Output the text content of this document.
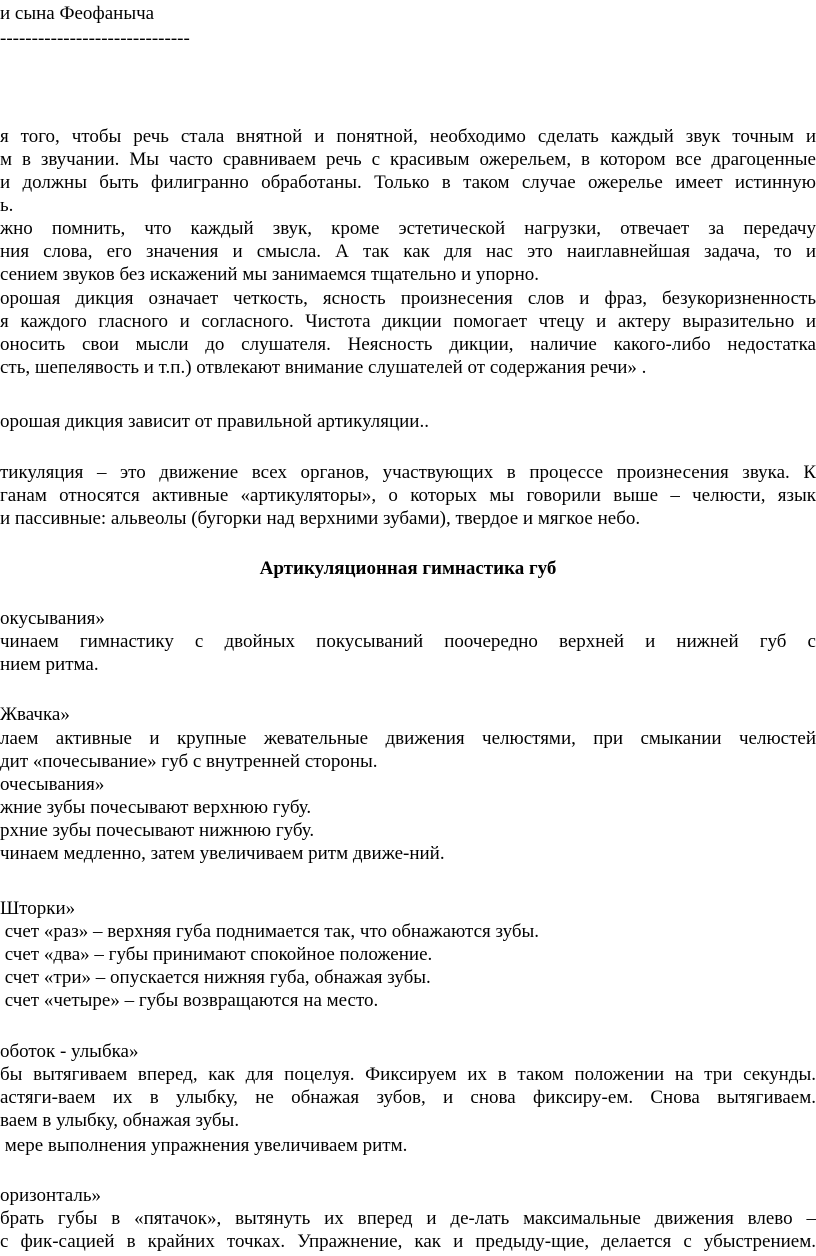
и сына Феофаныча
------------------------------
я того, чтобы речь стала внятной и понятной, необходимо сделать каждый звук точным и
м в звучании. Мы часто сравниваем речь с красивым ожерельем, в котором все драгоценные
и должны быть филигранно обработаны. Только в таком случае ожерелье имеет истинную
ь.
жно помнить, что каждый звук, кроме эстетической нагрузки, отвечает за передачу
ния слова, его значения и смысла. А так как для нас это наиглавнейшая задача, то и
сением звуков без искажений мы занимаемся тщательно и упорно.
орошая дикция означает четкость, ясность произнесения слов и фраз, безукоризненность
я каждого гласного и согласного. Чистота дикции помогает чтецу и актеру выразительно и
оносить свои мысли до слушателя. Неясность дикции, наличие какого-либо недостатка
сть, шепелявость и т.п.) отвлекают внимание слушателей от содержания речи» .
орошая дикция зависит от правильной артикуляции..
тикуляция – это движение всех органов, участвующих в процессе произнесения звука. К
ганам относятся активные «артикуляторы», о которых мы говорили выше – челюсти, язык
и пассивные: альвеолы (бугорки над верхними зубами), твердое и мягкое небо.
Артикуляционная гимнастика губ
окусывания»
чинаем гимнастику с двойных покусываний поочередно верхней и нижней губ с
нием ритма.
Жвачка»
лаем активные и крупные жевательные движения челюстями, при смыкании челюстей
дит «почесывание» губ с внутренней стороны.
очесывания»
жние зубы почесывают верхнюю губу.
рхние зубы почесывают нижнюю губу.
чинаем медленно, затем увеличиваем ритм движе-ний.
Шторки»
счет «раз» – верхняя губа поднимается так, что обнажаются зубы.
счет «два» – губы принимают спокойное положение.
счет «три» – опускается нижняя губа, обнажая зубы.
счет «четыре» – губы возвращаются на место.
оботок - улыбка»
бы вытягиваем вперед, как для поцелуя. Фиксируем их в таком положении на три секунды.
астяги-ваем их в улыбку, не обнажая зубов, и снова фиксиру-ем. Снова вытягиваем.
ваем в улыбку, обнажая зубы.
мере выполнения упражнения увеличиваем ритм.
оризонталь»
брать губы в «пятачок», вытянуть их вперед и де-лать максимальные движения влево –
с фик-сацией в крайних точках. Упражнение, как и предыду-щие, делается с убыстрением.
